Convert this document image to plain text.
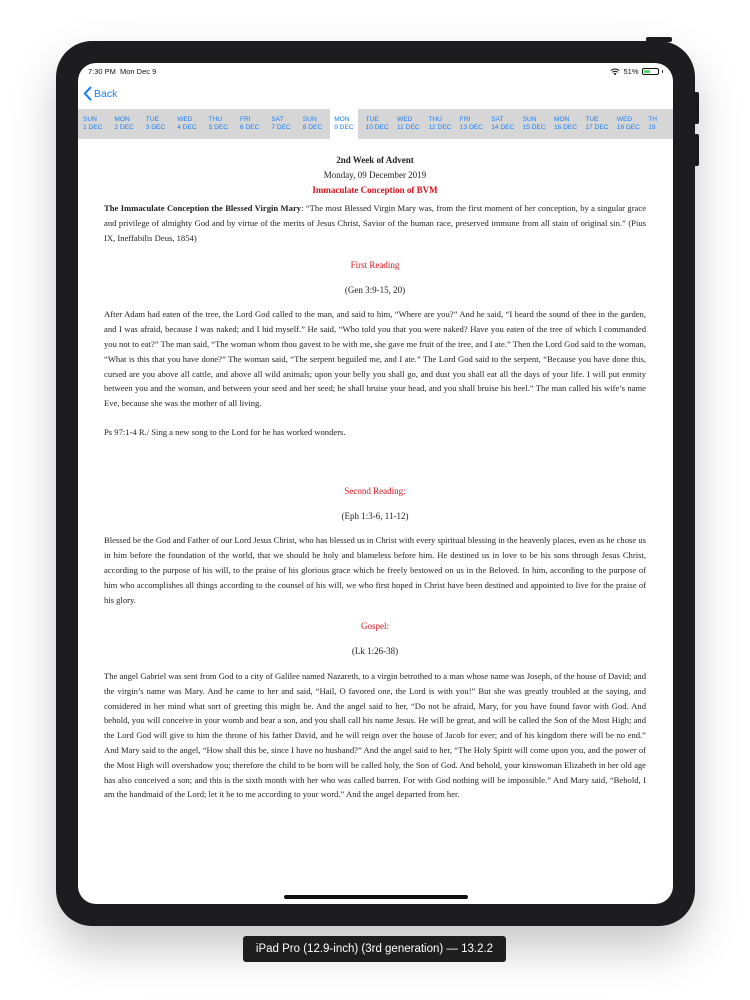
7:30 PM Mon Dec 9	51%
Back
SUN
1 DEC
MON
2 DEC
TUE
3 DEC
WED
4 DEC
THU
5 DEC
FRI
6 DEC
SAT
7 DEC
SUN
8 DEC
MON
9 DEC
TUE
10 DEC
WED
11 DEC
THU
12 DEC
FRI
13 DEC
SAT
14 DEC
SUN
15 DEC
MON
16 DEC
TUE
17 DEC
WED
18 DEC
TH
19

2nd Week of Advent

Monday, 09 December 2019

Immaculate Conception of BVM

The Immaculate Conception the Blessed Virgin Mary: “The most Blessed Virgin Mary was, from the first moment of her conception, by a singular grace and privilege of almighty God and by virtue of the merits of Jesus Christ, Savior of the human race, preserved immune from all stain of original sin.” (Pius IX, Ineffabilis Deus, 1854)

First Reading

(Gen 3:9-15, 20)

After Adam had eaten of the tree, the Lord God called to the man, and said to him, “Where are you?” And he said, “I heard the sound of thee in the garden, and I was afraid, because I was naked; and I hid myself.” He said, “Who told you that you were naked? Have you eaten of the tree of which I commanded you not to eat?” The man said, “The woman whom thou gavest to be with me, she gave me fruit of the tree, and I ate.” Then the Lord God said to the woman, “What is this that you have done?” The woman said, “The serpent beguiled me, and I ate.” The Lord God said to the serpent, “Because you have done this, cursed are you above all cattle, and above all wild animals; upon your belly you shall go, and dust you shall eat all the days of your life. I will put enmity between you and the woman, and between your seed and her seed; he shall bruise your head, and you shall bruise his heel.” The man called his wife’s name Eve, because she was the mother of all living.

Ps 97:1-4 R./ Sing a new song to the Lord for he has worked wonders.

Second Reading:

(Eph 1:3-6, 11-12)

Blessed be the God and Father of our Lord Jesus Christ, who has blessed us in Christ with every spiritual blessing in the heavenly places, even as he chose us in him before the foundation of the world, that we should be holy and blameless before him. He destined us in love to be his sons through Jesus Christ, according to the purpose of his will, to the praise of his glorious grace which he freely bestowed on us in the Beloved. In him, according to the purpose of him who accomplishes all things according to the counsel of his will, we who first hoped in Christ have been destined and appointed to live for the praise of his glory.

Gospel:

(Lk 1:26-38)

The angel Gabriel was sent from God to a city of Galilee named Nazareth, to a virgin betrothed to a man whose name was Joseph, of the house of David; and the virgin’s name was Mary. And he came to her and said, “Hail, O favored one, the Lord is with you!” But she was greatly troubled at the saying, and considered in her mind what sort of greeting this might be. And the angel said to her, “Do not be afraid, Mary, for you have found favor with God. And behold, you will conceive in your womb and bear a son, and you shall call his name Jesus. He will be great, and will be called the Son of the Most High; and the Lord God will give to him the throne of his father David, and he will reign over the house of Jacob for ever; and of his kingdom there will be no end.” And Mary said to the angel, “How shall this be, since I have no husband?” And the angel said to her, “The Holy Spirit will come upon you, and the power of the Most High will overshadow you; therefore the child to be born will be called holy, the Son of God. And behold, your kinswoman Elizabeth in her old age has also conceived a son; and this is the sixth month with her who was called barren. For with God nothing will be impossible.” And Mary said, “Behold, I am the handmaid of the Lord; let it be to me according to your word.” And the angel departed from her.

iPad Pro (12.9-inch) (3rd generation) — 13.2.2
